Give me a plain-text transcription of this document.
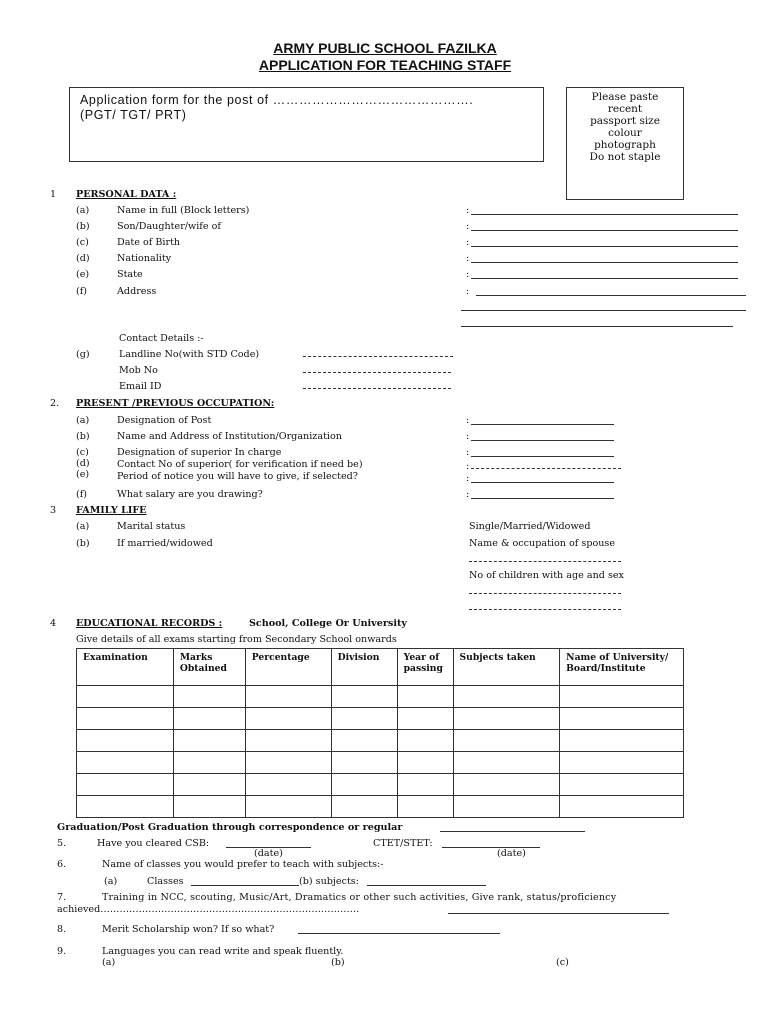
ARMY PUBLIC SCHOOL FAZILKA
APPLICATION FOR TEACHING STAFF
Application form for the post of ……………………………………….
(PGT/ TGT/ PRT)
Please paste
recent
passport size
colour
photograph
Do not staple
1 PERSONAL DATA :
(a)	Name in full (Block letters)	:
(b)	Son/Daughter/wife of	:
(c)	Date of Birth	:
(d)	Nationality	:
(e)	State	:
(f)	Address	:
Contact Details :-
(g)	Landline No(with STD Code)
Mob No
Email ID
2. PRESENT /PREVIOUS OCCUPATION:
(a)	Designation of Post	:
(b)	Name and Address of Institution/Organization	:
(c)	Designation of superior In charge	:
(d)	Contact No of superior( for verification if need be)	:
(e)	Period of notice you will have to give, if selected?	:
(f)	What salary are you drawing?	:
3 FAMILY LIFE
(a)	Marital status	Single/Married/Widowed
(b)	If married/widowed	Name & occupation of spouse
No of children with age and sex
4 EDUCATIONAL RECORDS :	School, College Or University
Give details of all exams starting from Secondary School onwards
Examination	Marks Obtained	Percentage	Division	Year of passing	Subjects taken	Name of University/ Board/Institute

Graduation/Post Graduation through correspondence or regular
5.	Have you cleared CSB:	CTET/STET:
(date)	(date)
6.	Name of classes you would prefer to teach with subjects:-
(a)	Classes	(b) subjects:
7.	Training in NCC, scouting, Music/Art, Dramatics or other such activities, Give rank, status/proficiency
achieved………………………………………………………………………
8.	Merit Scholarship won? If so what?
9.	Languages you can read write and speak fluently.
(a)	(b)	(c)
